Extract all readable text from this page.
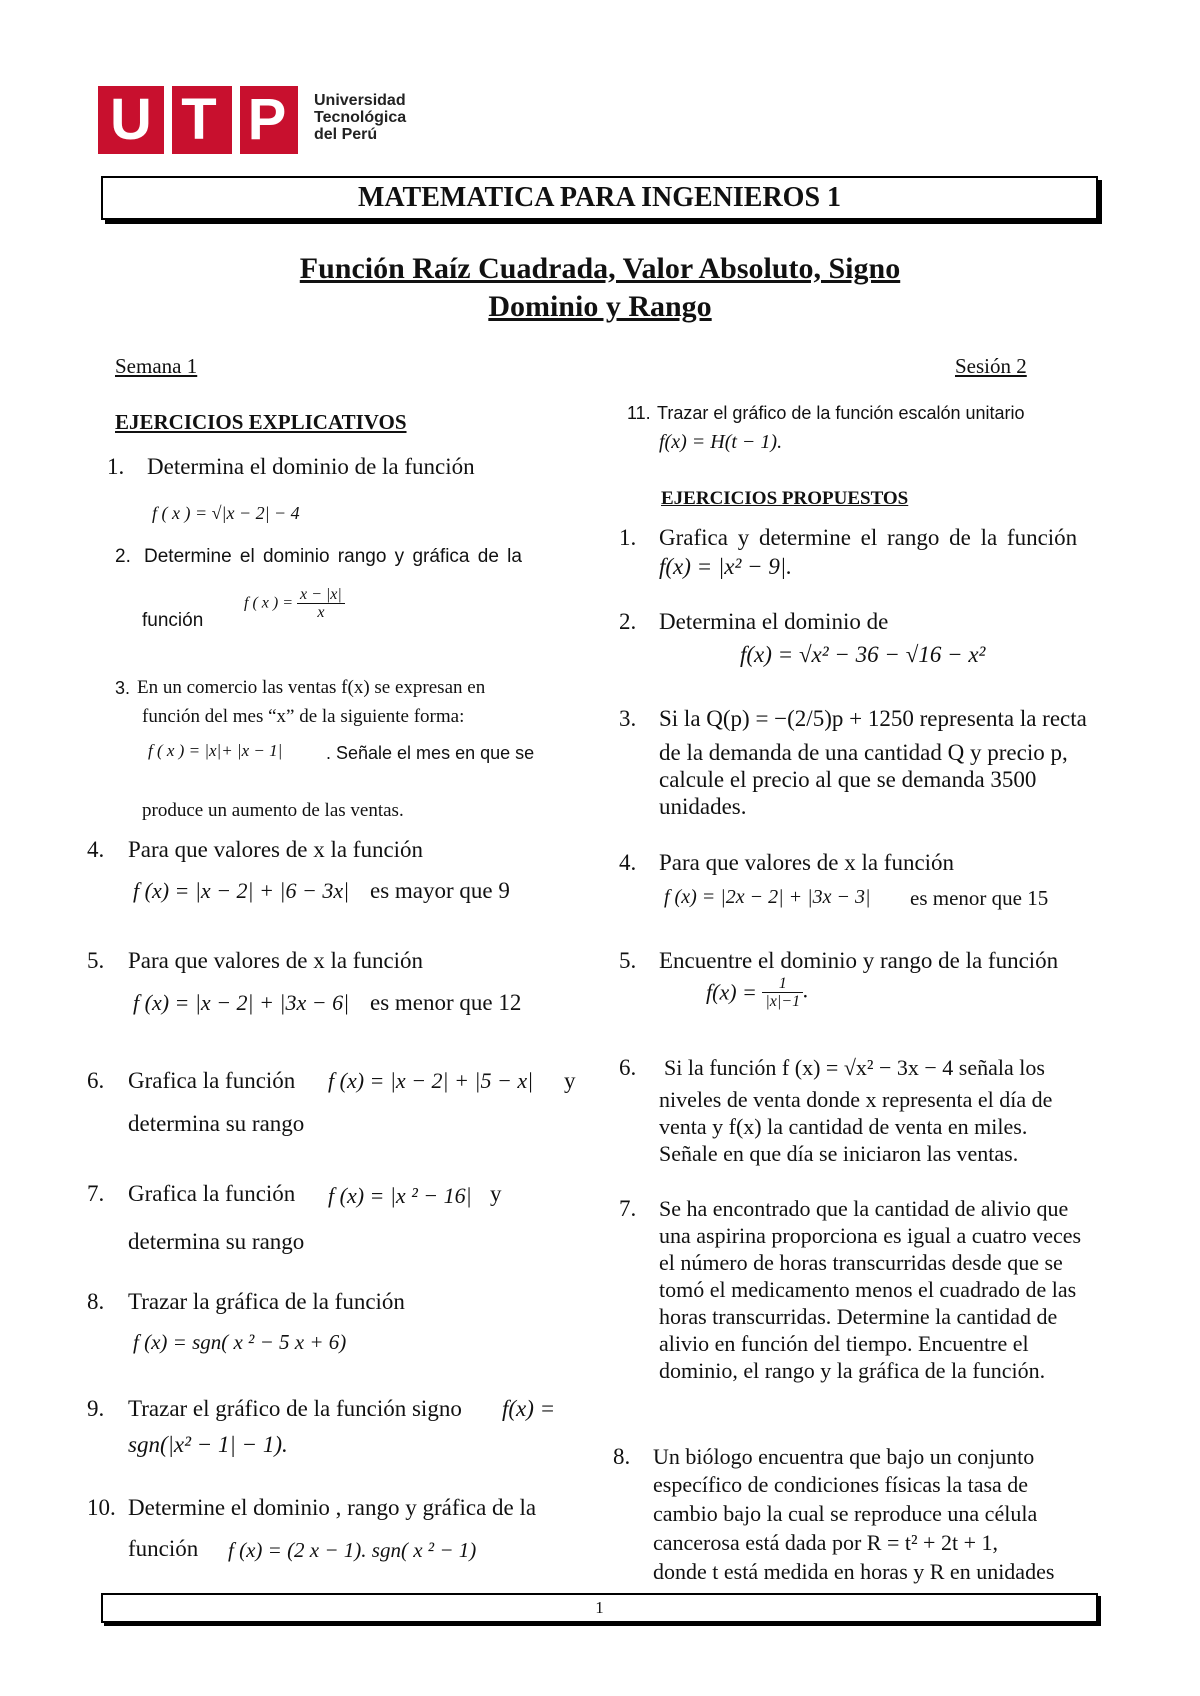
U T P	Universidad
Tecnológica
del Perú
MATEMATICA PARA INGENIEROS 1
Función Raíz Cuadrada, Valor Absoluto, Signo
Dominio y Rango
Semana 1	Sesión 2
EJERCICIOS EXPLICATIVOS
1. Determina el dominio de la función
f ( x ) = √|x − 2| − 4
2. Determine el dominio rango y gráfica de la
función
f ( x ) = $\frac{x - |x|}{x}$
3. En un comercio las ventas f(x) se expresan en
función del mes “x” de la siguiente forma:
f ( x ) = |x|+ |x − 1| . Señale el mes en que se
produce un aumento de las ventas.
4. Para que valores de x la función
f (x) = |x − 2| + |6 − 3x| es mayor que 9
5. Para que valores de x la función
f (x) = |x − 2| + |3x − 6| es menor que 12
6. Grafica la función f (x) = |x − 2| + |5 − x| y
determina su rango
7. Grafica la función f (x) = |x ² − 16| y
determina su rango
8. Trazar la gráfica de la función
f (x) = sgn( x ² − 5 x + 6)
9. Trazar el gráfico de la función signo f(x) =
sgn(|x² − 1| − 1).
10. Determine el dominio , rango y gráfica de la
función f (x) = (2 x − 1). sgn( x ² − 1)
11. Trazar el gráfico de la función escalón unitario
f(x) = H(t − 1).
EJERCICIOS PROPUESTOS
1. Grafica y determine el rango de la función
f(x) = |x² − 9|.
2. Determina el dominio de
f(x) = √x² − 36 − √16 − x²
3. Si la Q(p) = −(2/5)p + 1250 representa la recta
de la demanda de una cantidad Q y precio p,
calcule el precio al que se demanda 3500
unidades.
4. Para que valores de x la función
f (x) = |2x − 2| + |3x − 3| es menor que 15
5. Encuentre el dominio y rango de la función
$f(x) = \frac{1}{|x|-1}$ .
6. Si la función f (x) = √x² − 3x − 4 señala los
niveles de venta donde x representa el día de
venta y f(x) la cantidad de venta en miles.
Señale en que día se iniciaron las ventas.
7. Se ha encontrado que la cantidad de alivio que
una aspirina proporciona es igual a cuatro veces
el número de horas transcurridas desde que se
tomó el medicamento menos el cuadrado de las
horas transcurridas. Determine la cantidad de
alivio en función del tiempo. Encuentre el
dominio, el rango y la gráfica de la función.
8. Un biólogo encuentra que bajo un conjunto
específico de condiciones físicas la tasa de
cambio bajo la cual se reproduce una célula
cancerosa está dada por R = t² + 2t + 1,
donde t está medida en horas y R en unidades
1
